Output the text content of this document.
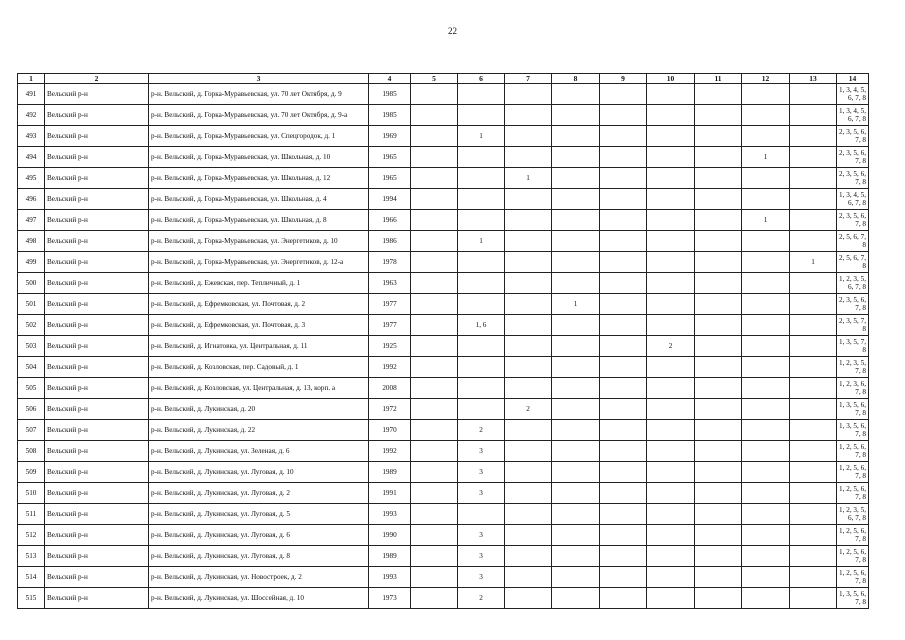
22
1	2	3	4	5	6	7	8	9	10	11	12	13	14
491	Вельский р-н	р-н. Вельский, д. Горка-Муравьевская, ул. 70 лет Октября, д. 9	1985										1, 3, 4, 5, 6, 7, 8
492	Вельский р-н	р-н. Вельский, д. Горка-Муравьевская, ул. 70 лет Октября, д. 9-а	1985										1, 3, 4, 5, 6, 7, 8
493	Вельский р-н	р-н. Вельский, д. Горка-Муравьевская, ул. Спецгородок, д. 1	1969		1								2, 3, 5, 6, 7, 8
494	Вельский р-н	р-н. Вельский, д. Горка-Муравьевская, ул. Школьная, д. 10	1965								1		2, 3, 5, 6, 7, 8
495	Вельский р-н	р-н. Вельский, д. Горка-Муравьевская, ул. Школьная, д. 12	1965			1							2, 3, 5, 6, 7, 8
496	Вельский р-н	р-н. Вельский, д. Горка-Муравьевская, ул. Школьная, д. 4	1994										1, 3, 4, 5, 6, 7, 8
497	Вельский р-н	р-н. Вельский, д. Горка-Муравьевская, ул. Школьная, д. 8	1966								1		2, 3, 5, 6, 7, 8
498	Вельский р-н	р-н. Вельский, д. Горка-Муравьевская, ул. Энергетиков, д. 10	1986		1								2, 5, 6, 7, 8
499	Вельский р-н	р-н. Вельский, д. Горка-Муравьевская, ул. Энергетиков, д. 12-а	1978									1	2, 5, 6, 7, 8
500	Вельский р-н	р-н. Вельский, д. Ежевская, пер. Тепличный, д. 1	1963										1, 2, 3, 5, 6, 7, 8
501	Вельский р-н	р-н. Вельский, д. Ефремковская, ул. Почтовая, д. 2	1977				1						2, 3, 5, 6, 7, 8
502	Вельский р-н	р-н. Вельский, д. Ефремковская, ул. Почтовая, д. 3	1977		1, 6								2, 3, 5, 7, 8
503	Вельский р-н	р-н. Вельский, д. Игнатовка, ул. Центральная, д. 11	1925						2				1, 3, 5, 7, 8
504	Вельский р-н	р-н. Вельский, д. Козловская, пер. Садовый, д. 1	1992										1, 2, 3, 5, 7, 8
505	Вельский р-н	р-н. Вельский, д. Козловская, ул. Центральная, д. 13, корп. а	2008										1, 2, 3, 6, 7, 8
506	Вельский р-н	р-н. Вельский, д. Лукинская, д. 20	1972			2							1, 3, 5, 6, 7, 8
507	Вельский р-н	р-н. Вельский, д. Лукинская, д. 22	1970		2								1, 3, 5, 6, 7, 8
508	Вельский р-н	р-н. Вельский, д. Лукинская, ул. Зеленая, д. 6	1992		3								1, 2, 5, 6, 7, 8
509	Вельский р-н	р-н. Вельский, д. Лукинская, ул. Луговая, д. 10	1989		3								1, 2, 5, 6, 7, 8
510	Вельский р-н	р-н. Вельский, д. Лукинская, ул. Луговая, д. 2	1991		3								1, 2, 5, 6, 7, 8
511	Вельский р-н	р-н. Вельский, д. Лукинская, ул. Луговая, д. 5	1993										1, 2, 3, 5, 6, 7, 8
512	Вельский р-н	р-н. Вельский, д. Лукинская, ул. Луговая, д. 6	1990		3								1, 2, 5, 6, 7, 8
513	Вельский р-н	р-н. Вельский, д. Лукинская, ул. Луговая, д. 8	1989		3								1, 2, 5, 6, 7, 8
514	Вельский р-н	р-н. Вельский, д. Лукинская, ул. Новостроек, д. 2	1993		3								1, 2, 5, 6, 7, 8
515	Вельский р-н	р-н. Вельский, д. Лукинская, ул. Шоссейная, д. 10	1973		2								1, 3, 5, 6, 7, 8
